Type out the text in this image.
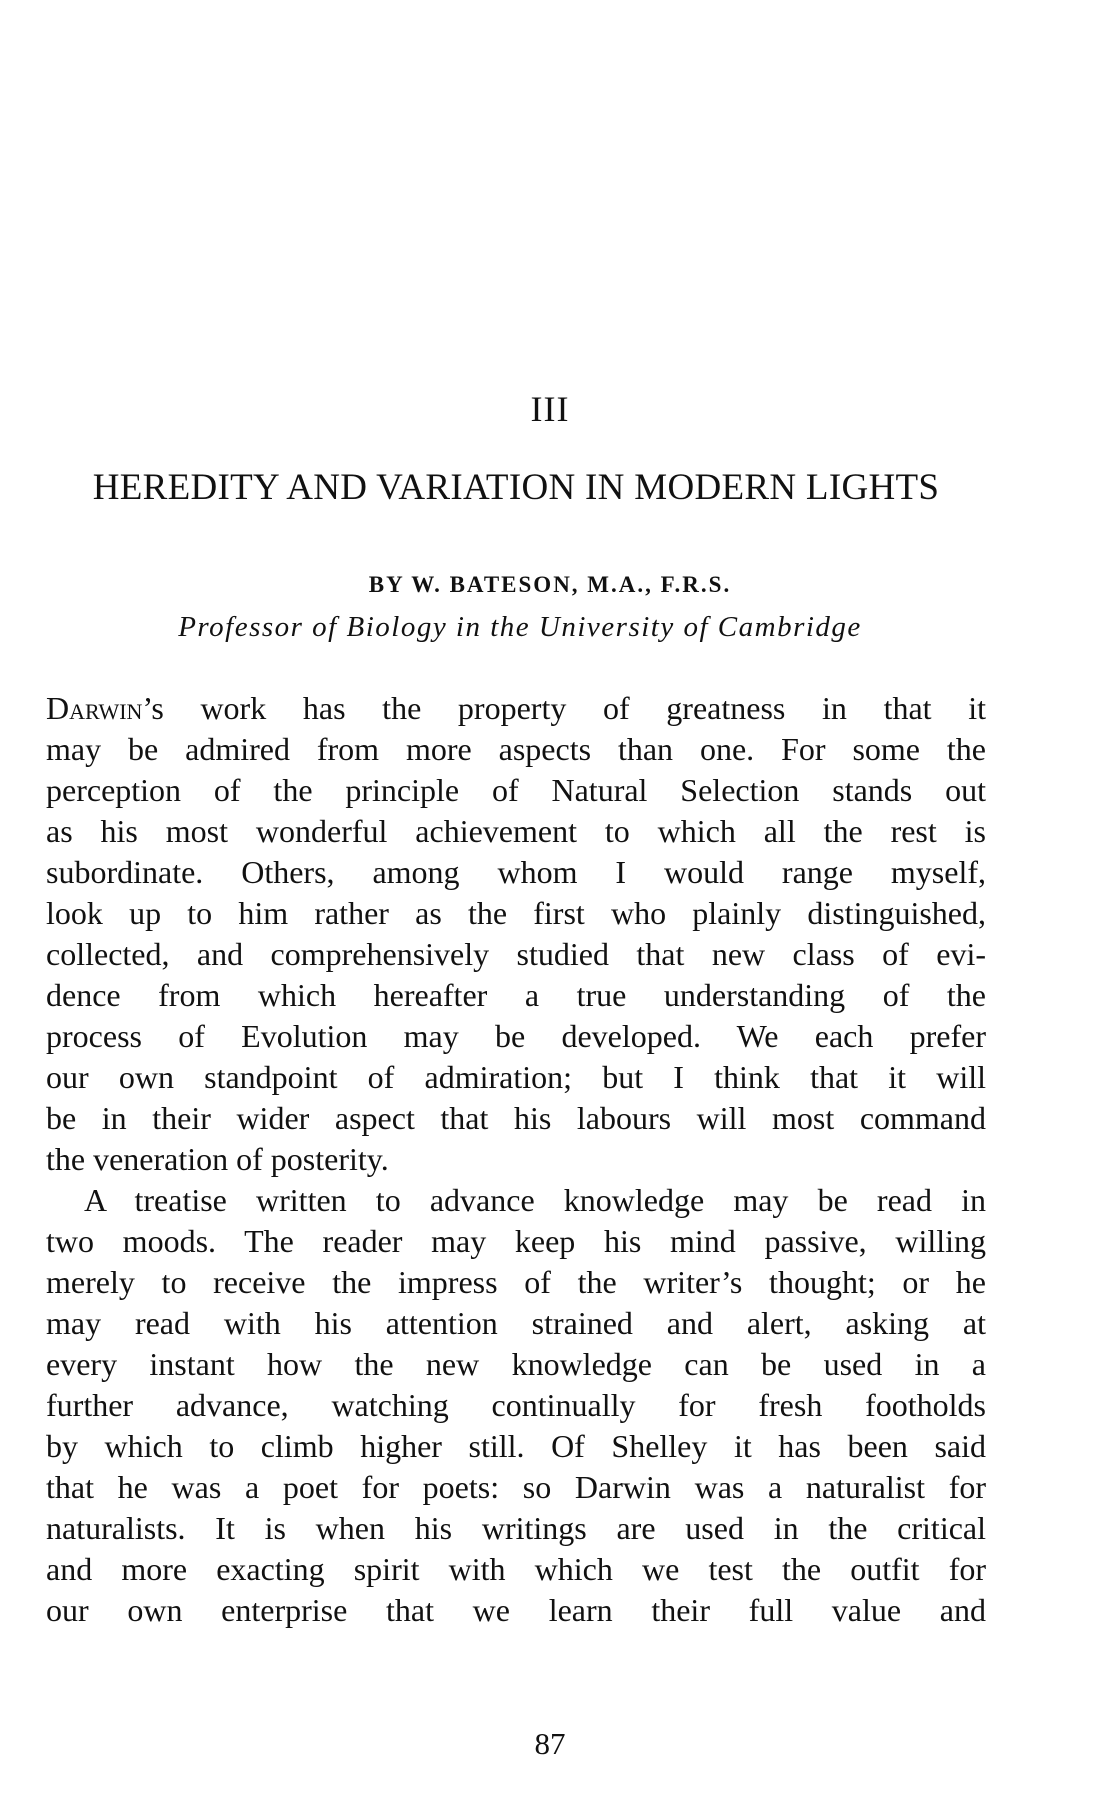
III
HEREDITY AND VARIATION IN MODERN LIGHTS
BY W. BATESON, M.A., F.R.S.
Professor of Biology in the University of Cambridge
Darwin’s work has the property of greatness in that it
may be admired from more aspects than one. For some the
perception of the principle of Natural Selection stands out
as his most wonderful achievement to which all the rest is
subordinate. Others, among whom I would range myself,
look up to him rather as the first who plainly distinguished,
collected, and comprehensively studied that new class of evi-
dence from which hereafter a true understanding of the
process of Evolution may be developed. We each prefer
our own standpoint of admiration; but I think that it will
be in their wider aspect that his labours will most command
the veneration of posterity.
A treatise written to advance knowledge may be read in
two moods. The reader may keep his mind passive, willing
merely to receive the impress of the writer’s thought; or he
may read with his attention strained and alert, asking at
every instant how the new knowledge can be used in a
further advance, watching continually for fresh footholds
by which to climb higher still. Of Shelley it has been said
that he was a poet for poets: so Darwin was a naturalist for
naturalists. It is when his writings are used in the critical
and more exacting spirit with which we test the outfit for
our own enterprise that we learn their full value and
87
